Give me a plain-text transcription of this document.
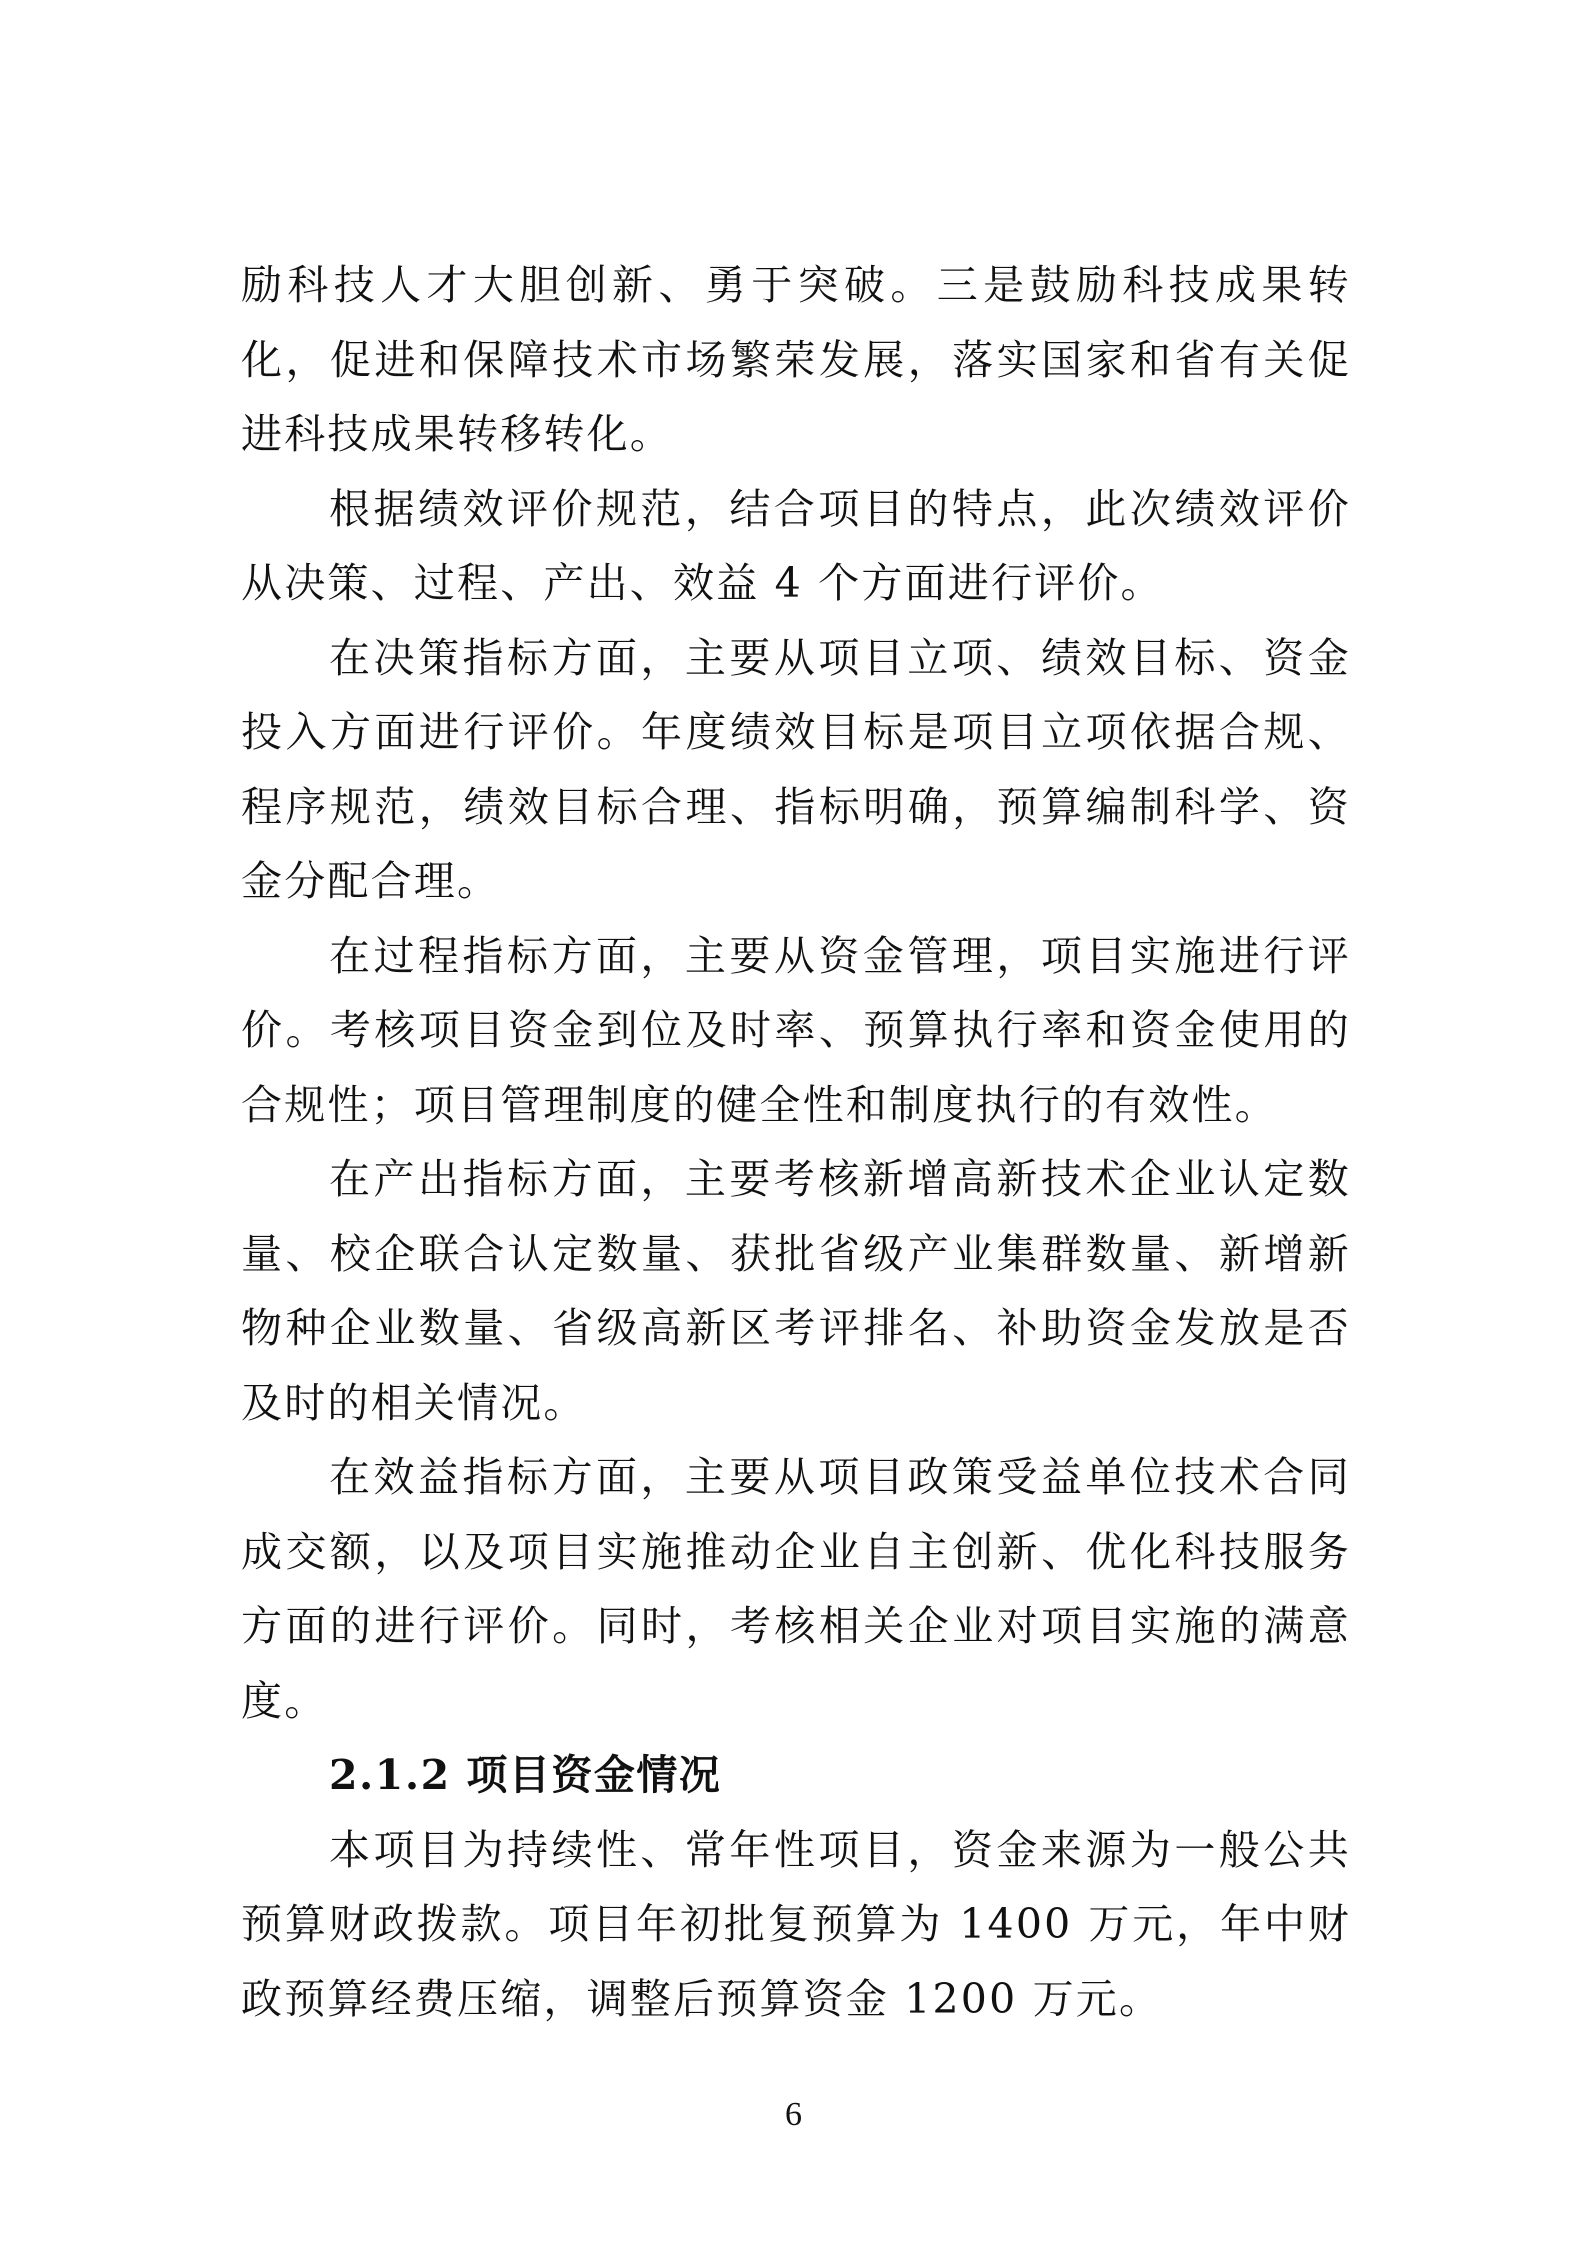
励科技人才大胆创新、勇于突破。三是鼓励科技成果转化，促进和保障技术市场繁荣发展，落实国家和省有关促进科技成果转移转化。

根据绩效评价规范，结合项目的特点，此次绩效评价从决策、过程、产出、效益 4 个方面进行评价。

在决策指标方面，主要从项目立项、绩效目标、资金投入方面进行评价。年度绩效目标是项目立项依据合规、程序规范，绩效目标合理、指标明确，预算编制科学、资金分配合理。

在过程指标方面，主要从资金管理，项目实施进行评价。考核项目资金到位及时率、预算执行率和资金使用的合规性；项目管理制度的健全性和制度执行的有效性。

在产出指标方面，主要考核新增高新技术企业认定数量、校企联合认定数量、获批省级产业集群数量、新增新物种企业数量、省级高新区考评排名、补助资金发放是否及时的相关情况。

在效益指标方面，主要从项目政策受益单位技术合同成交额，以及项目实施推动企业自主创新、优化科技服务方面的进行评价。同时，考核相关企业对项目实施的满意度。

2.1.2 项目资金情况

本项目为持续性、常年性项目，资金来源为一般公共预算财政拨款。项目年初批复预算为 1400 万元，年中财政预算经费压缩，调整后预算资金 1200 万元。

6
